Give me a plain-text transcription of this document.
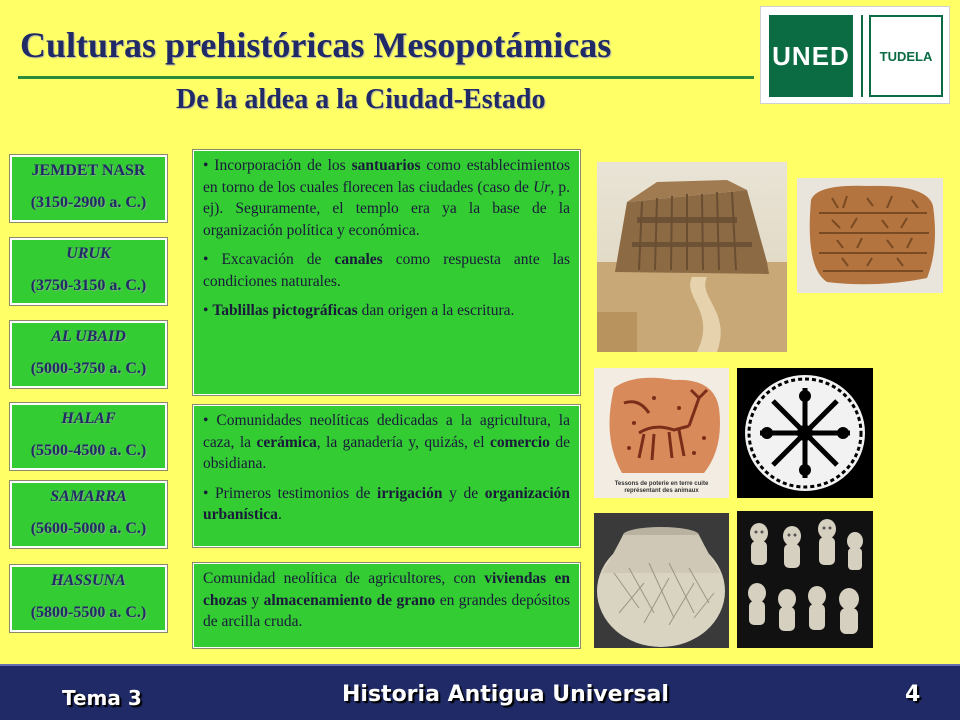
Culturas prehistóricas Mesopotámicas
De la aldea a la Ciudad-Estado
UNED	TUDELA
JEMDET NASR
(3150-2900 a. C.)
URUK
(3750-3150 a. C.)
AL UBAID
(5000-3750 a. C.)
HALAF
(5500-4500 a. C.)
SAMARRA
(5600-5000 a. C.)
HASSUNA
(5800-5500 a. C.)

• Incorporación de los santuarios como establecimientos en torno de los cuales florecen las ciudades (caso de Ur, p. ej). Seguramente, el templo era ya la base de la organización política y económica.

• Excavación de canales como respuesta ante las condiciones naturales.

• Tablillas pictográficas dan origen a la escritura.

• Comunidades neolíticas dedicadas a la agricultura, la caza, la cerámica, la ganadería y, quizás, el comercio de obsidiana.

• Primeros testimonios de irrigación y de organización urbanística.

Comunidad neolítica de agricultores, con viviendas en chozas y almacenamiento de grano en grandes depósitos de arcilla cruda.

Tessons de poterie en terre cuite représentant des animaux
Tema 3	Historia Antigua Universal	4
